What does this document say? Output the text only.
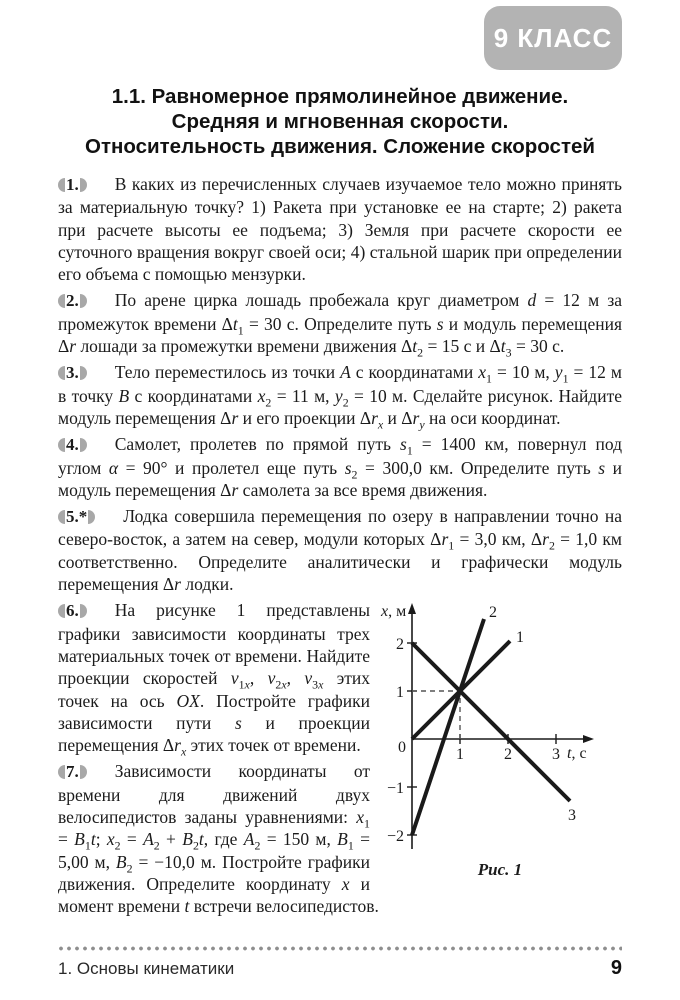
9 КЛАСС
1.1. Равномерное прямолинейное движение.
Средняя и мгновенная скорости.
Относительность движения. Сложение скоростей

1. В каких из перечисленных случаев изучаемое тело можно принять за материальную точку? 1) Ракета при установке ее на старте; 2) ракета при расчете высоты ее подъема; 3) Земля при расчете скорости ее суточного вращения вокруг своей оси; 4) стальной шарик при определении его объема с помощью мензурки.

2. По арене цирка лошадь пробежала круг диаметром d = 12 м за промежуток времени $\Delta t_1 = 30$ с. Определите путь s и модуль перемещения Δr лошади за промежутки времени движения $\Delta t_2 = 15$ с и $\Delta t_3 = 30$ с.

3. Тело переместилось из точки A с координатами $x_1 = 10$ м, $y_1 = 12$ м в точку B с координатами $x_2 = 11$ м, $y_2 = 10$ м. Сделайте рисунок. Найдите модуль перемещения Δr и его проекции $\Delta r_x$ и $\Delta r_y$ на оси координат.

4. Самолет, пролетев по прямой путь $s_1 = 1400$ км, повернул под углом α = 90° и пролетел еще путь $s_2 = 300,0$ км. Определите путь s и модуль перемещения Δr самолета за все время движения.

5.* Лодка совершила перемещения по озеру в направлении точно на северо-восток, а затем на север, модули которых $\Delta r_1 = 3,0$ км, $\Delta r_2 = 1,0$ км соответственно. Определите аналитически и графически модуль перемещения Δr лодки.

2
1
−1
−2
0	1	2	3
1
2
3
x, м
t, с
Рис. 1

6. На рисунке 1 представлены графики зависимости координаты трех материальных точек от времени. Найдите проекции скоростей $v_{1x}$, $v_{2x}$, $v_{3x}$ этих точек на ось OX. Постройте графики зависимости пути s и проекции перемещения $\Delta r_x$ этих точек от времени.

7. Зависимости координаты от времени для движений двух велосипедистов заданы уравнениями: $x_1 = B_1t$; $x_2 = A_2 + B_2t$, где $A_2 = 150$ м, $B_1 = 5,00$ м, $B_2 = -10,0$ м. Постройте графики движения. Определите координату x и момент времени t встречи велосипедистов.

1. Основы кинематики	9
